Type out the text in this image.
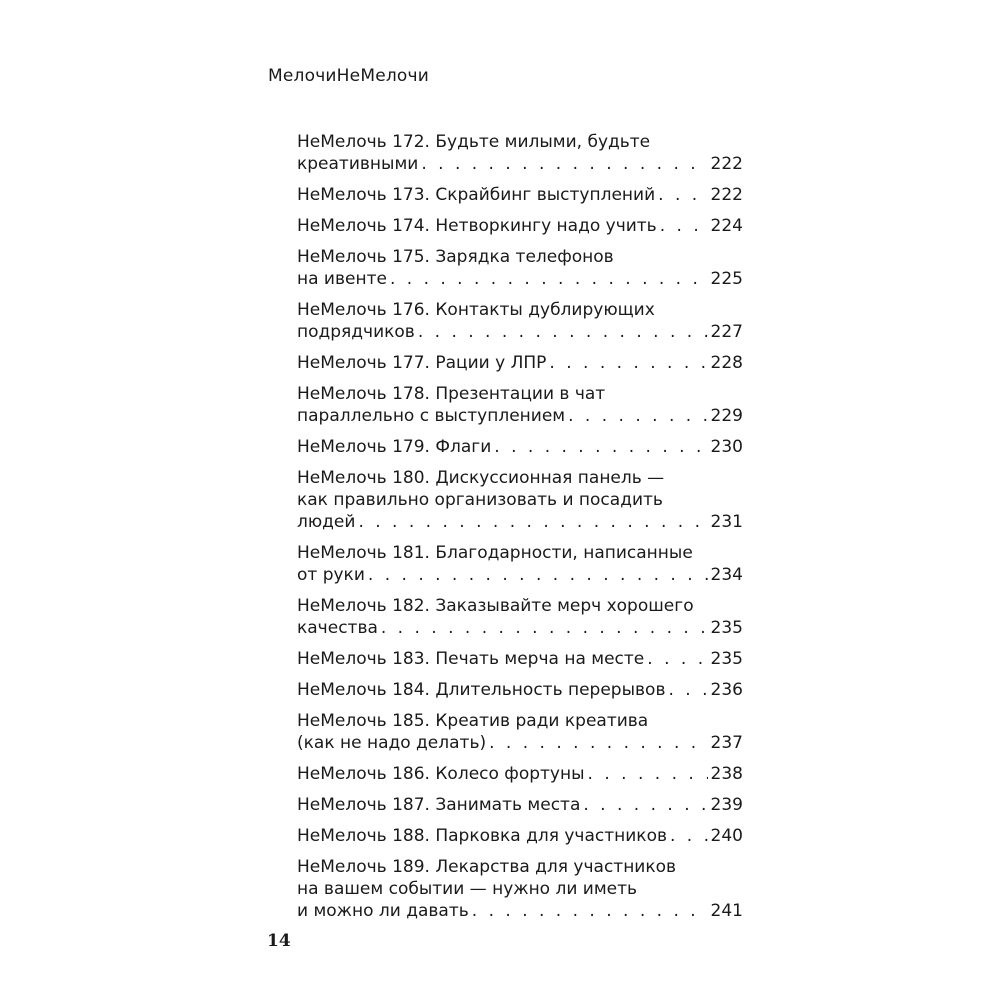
МелочиНеМелочи
НеМелочь 172. Будьте милыми, будьте
креативными . . .	222
НеМелочь 173. Скрайбинг выступлений . . .	222
НеМелочь 174. Нетворкингу надо учить . . .	224
НеМелочь 175. Зарядка телефонов
на ивенте . . .	225
НеМелочь 176. Контакты дублирующих
подрядчиков . . .	227
НеМелочь 177. Рации у ЛПР . . .	228
НеМелочь 178. Презентации в чат
параллельно с выступлением . . .	229
НеМелочь 179. Флаги . . .	230
НеМелочь 180. Дискуссионная панель —
как правильно организовать и посадить
людей . . .	231
НеМелочь 181. Благодарности, написанные
от руки . . .	234
НеМелочь 182. Заказывайте мерч хорошего
качества . . .	235
НеМелочь 183. Печать мерча на месте . . .	235
НеМелочь 184. Длительность перерывов . . .	236
НеМелочь 185. Креатив ради креатива
(как не надо делать) . . .	237
НеМелочь 186. Колесо фортуны . . .	238
НеМелочь 187. Занимать места . . .	239
НеМелочь 188. Парковка для участников . . .	240
НеМелочь 189. Лекарства для участников
на вашем событии — нужно ли иметь
и можно ли давать . . .	241
14
